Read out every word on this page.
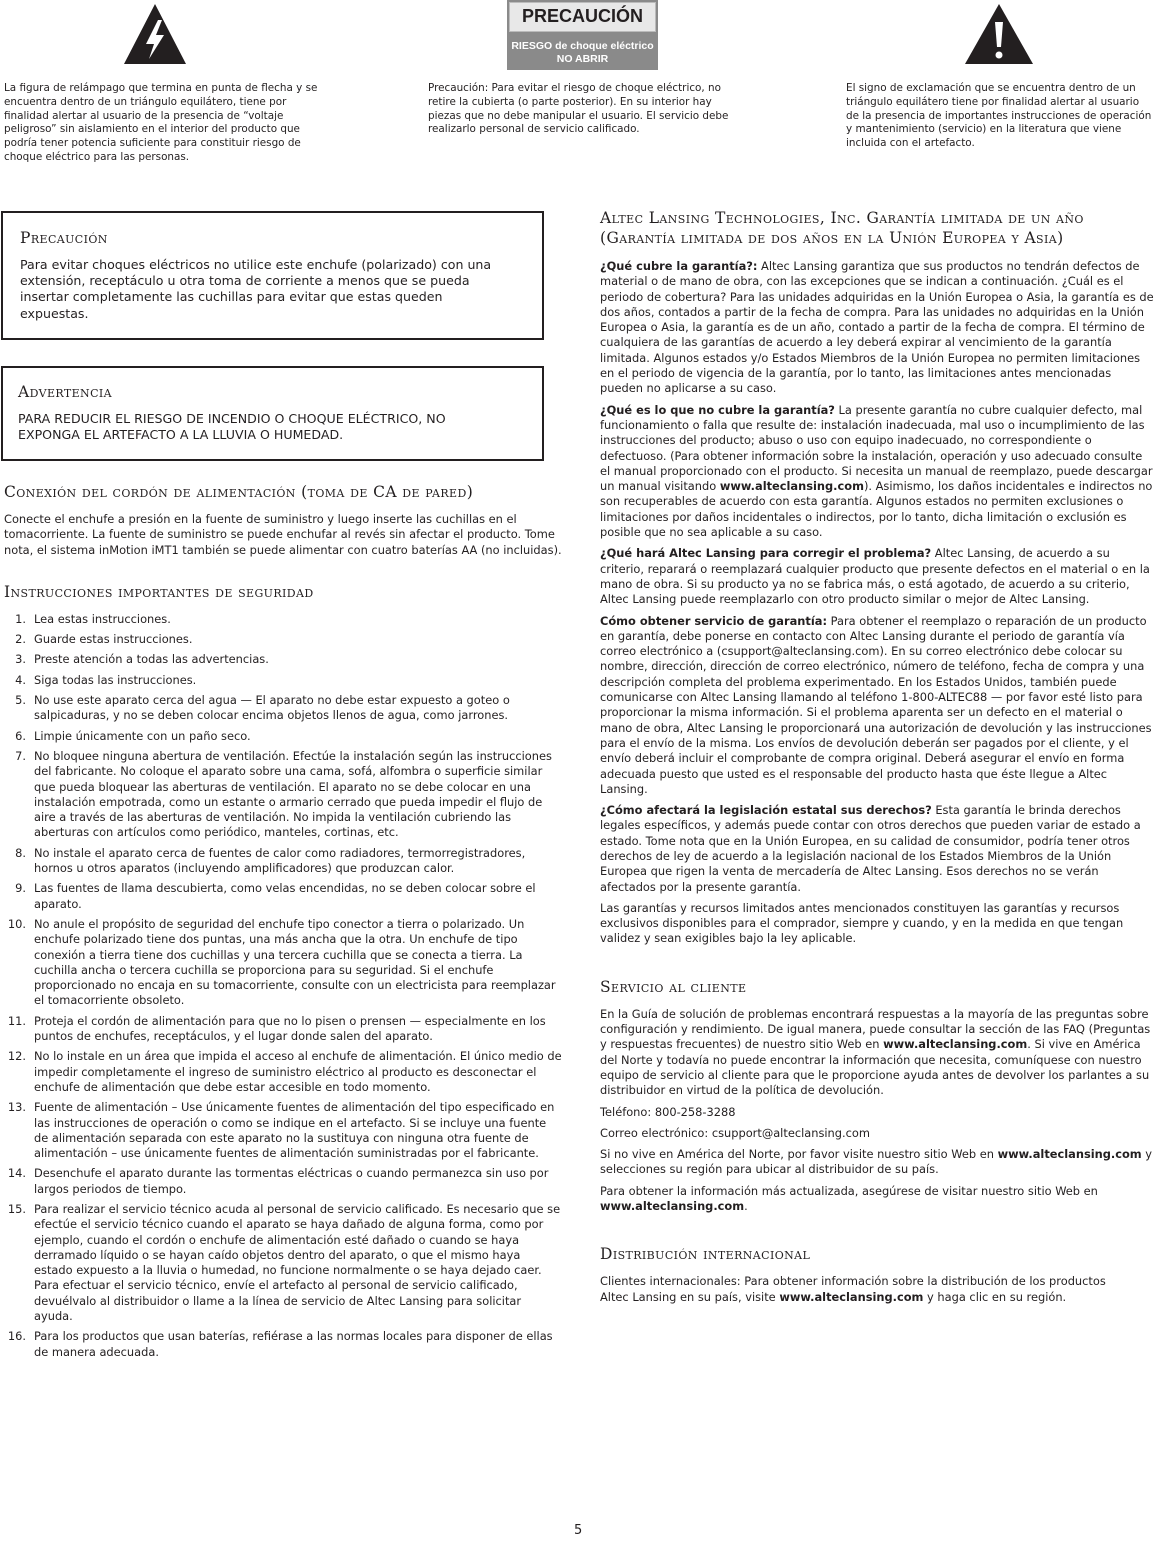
La figura de relámpago que termina en punta de flecha y se encuentra dentro de un triángulo equilátero, tiene por finalidad alertar al usuario de la presencia de “voltaje peligroso” sin aislamiento en el interior del producto que podría tener potencia suficiente para constituir riesgo de choque eléctrico para las personas.
PRECAUCIÓN
RIESGO de choque eléctrico
NO ABRIR
Precaución: Para evitar el riesgo de choque eléctrico, no retire la cubierta (o parte posterior). En su interior hay piezas que no debe manipular el usuario. El servicio debe realizarlo personal de servicio calificado.
El signo de exclamación que se encuentra dentro de un triángulo equilátero tiene por finalidad alertar al usuario de la presencia de importantes instrucciones de operación y mantenimiento (servicio) en la literatura que viene incluida con el artefacto.
Precaución

Para evitar choques eléctricos no utilice este enchufe (polarizado) con una extensión, receptáculo u otra toma de corriente a menos que se pueda insertar completamente las cuchillas para evitar que estas queden expuestas.

Advertencia

PARA REDUCIR EL RIESGO DE INCENDIO O CHOQUE ELÉCTRICO, NO EXPONGA EL ARTEFACTO A LA LLUVIA O HUMEDAD.

Conexión del cordón de alimentación (toma de CA de pared)

Conecte el enchufe a presión en la fuente de suministro y luego inserte las cuchillas en el tomacorriente. La fuente de suministro se puede enchufar al revés sin afectar el producto. Tome nota, el sistema inMotion iMT1 también se puede alimentar con cuatro baterías AA (no incluidas).

Instrucciones importantes de seguridad
1. Lea estas instrucciones.
2. Guarde estas instrucciones.
3. Preste atención a todas las advertencias.
4. Siga todas las instrucciones.
5. No use este aparato cerca del agua — El aparato no debe estar expuesto a goteo o salpicaduras, y no se deben colocar encima objetos llenos de agua, como jarrones.
6. Limpie únicamente con un paño seco.
7. No bloquee ninguna abertura de ventilación. Efectúe la instalación según las instrucciones del fabricante. No coloque el aparato sobre una cama, sofá, alfombra o superficie similar que pueda bloquear las aberturas de ventilación. El aparato no se debe colocar en una instalación empotrada, como un estante o armario cerrado que pueda impedir el flujo de aire a través de las aberturas de ventilación. No impida la ventilación cubriendo las aberturas con artículos como periódico, manteles, cortinas, etc.
8. No instale el aparato cerca de fuentes de calor como radiadores, termorregistradores, hornos u otros aparatos (incluyendo amplificadores) que produzcan calor.
9. Las fuentes de llama descubierta, como velas encendidas, no se deben colocar sobre el aparato.
10. No anule el propósito de seguridad del enchufe tipo conector a tierra o polarizado. Un enchufe polarizado tiene dos puntas, una más ancha que la otra. Un enchufe de tipo conexión a tierra tiene dos cuchillas y una tercera cuchilla que se conecta a tierra. La cuchilla ancha o tercera cuchilla se proporciona para su seguridad. Si el enchufe proporcionado no encaja en su tomacorriente, consulte con un electricista para reemplazar el tomacorriente obsoleto.
11. Proteja el cordón de alimentación para que no lo pisen o prensen — especialmente en los puntos de enchufes, receptáculos, y el lugar donde salen del aparato.
12. No lo instale en un área que impida el acceso al enchufe de alimentación. El único medio de impedir completamente el ingreso de suministro eléctrico al producto es desconectar el enchufe de alimentación que debe estar accesible en todo momento.
13. Fuente de alimentación – Use únicamente fuentes de alimentación del tipo especificado en las instrucciones de operación o como se indique en el artefacto. Si se incluye una fuente de alimentación separada con este aparato no la sustituya con ninguna otra fuente de alimentación – use únicamente fuentes de alimentación suministradas por el fabricante.
14. Desenchufe el aparato durante las tormentas eléctricas o cuando permanezca sin uso por largos periodos de tiempo.
15. Para realizar el servicio técnico acuda al personal de servicio calificado. Es necesario que se efectúe el servicio técnico cuando el aparato se haya dañado de alguna forma, como por ejemplo, cuando el cordón o enchufe de alimentación esté dañado o cuando se haya derramado líquido o se hayan caído objetos dentro del aparato, o que el mismo haya estado expuesto a la lluvia o humedad, no funcione normalmente o se haya dejado caer. Para efectuar el servicio técnico, envíe el artefacto al personal de servicio calificado, devuélvalo al distribuidor o llame a la línea de servicio de Altec Lansing para solicitar ayuda.
16. Para los productos que usan baterías, refiérase a las normas locales para disponer de ellas de manera adecuada.
Altec Lansing Technologies, Inc. Garantía limitada de un año (Garantía limitada de dos años en la Unión Europea y Asia)

¿Qué cubre la garantía?: Altec Lansing garantiza que sus productos no tendrán defectos de material o de mano de obra, con las excepciones que se indican a continuación. ¿Cuál es el periodo de cobertura? Para las unidades adquiridas en la Unión Europea o Asia, la garantía es de dos años, contados a partir de la fecha de compra. Para las unidades no adquiridas en la Unión Europea o Asia, la garantía es de un año, contado a partir de la fecha de compra. El término de cualquiera de las garantías de acuerdo a ley deberá expirar al vencimiento de la garantía limitada. Algunos estados y/o Estados Miembros de la Unión Europea no permiten limitaciones en el periodo de vigencia de la garantía, por lo tanto, las limitaciones antes mencionadas pueden no aplicarse a su caso.

¿Qué es lo que no cubre la garantía? La presente garantía no cubre cualquier defecto, mal funcionamiento o falla que resulte de: instalación inadecuada, mal uso o incumplimiento de las instrucciones del producto; abuso o uso con equipo inadecuado, no correspondiente o defectuoso. (Para obtener información sobre la instalación, operación y uso adecuado consulte el manual proporcionado con el producto. Si necesita un manual de reemplazo, puede descargar un manual visitando www.alteclansing.com). Asimismo, los daños incidentales e indirectos no son recuperables de acuerdo con esta garantía. Algunos estados no permiten exclusiones o limitaciones por daños incidentales o indirectos, por lo tanto, dicha limitación o exclusión es posible que no sea aplicable a su caso.

¿Qué hará Altec Lansing para corregir el problema? Altec Lansing, de acuerdo a su criterio, reparará o reemplazará cualquier producto que presente defectos en el material o en la mano de obra. Si su producto ya no se fabrica más, o está agotado, de acuerdo a su criterio, Altec Lansing puede reemplazarlo con otro producto similar o mejor de Altec Lansing.

Cómo obtener servicio de garantía: Para obtener el reemplazo o reparación de un producto en garantía, debe ponerse en contacto con Altec Lansing durante el periodo de garantía vía correo electrónico a (csupport@alteclansing.com). En su correo electrónico debe colocar su nombre, dirección, dirección de correo electrónico, número de teléfono, fecha de compra y una descripción completa del problema experimentado. En los Estados Unidos, también puede comunicarse con Altec Lansing llamando al teléfono 1-800-ALTEC88 — por favor esté listo para proporcionar la misma información. Si el problema aparenta ser un defecto en el material o mano de obra, Altec Lansing le proporcionará una autorización de devolución y las instrucciones para el envío de la misma. Los envíos de devolución deberán ser pagados por el cliente, y el envío deberá incluir el comprobante de compra original. Deberá asegurar el envío en forma adecuada puesto que usted es el responsable del producto hasta que éste llegue a Altec Lansing.

¿Cómo afectará la legislación estatal sus derechos? Esta garantía le brinda derechos legales específicos, y además puede contar con otros derechos que pueden variar de estado a estado. Tome nota que en la Unión Europea, en su calidad de consumidor, podría tener otros derechos de ley de acuerdo a la legislación nacional de los Estados Miembros de la Unión Europea que rigen la venta de mercadería de Altec Lansing. Esos derechos no se verán afectados por la presente garantía.

Las garantías y recursos limitados antes mencionados constituyen las garantías y recursos exclusivos disponibles para el comprador, siempre y cuando, y en la medida en que tengan validez y sean exigibles bajo la ley aplicable.

Servicio al cliente

En la Guía de solución de problemas encontrará respuestas a la mayoría de las preguntas sobre configuración y rendimiento. De igual manera, puede consultar la sección de las FAQ (Preguntas y respuestas frecuentes) de nuestro sitio Web en www.alteclansing.com. Si vive en América del Norte y todavía no puede encontrar la información que necesita, comuníquese con nuestro equipo de servicio al cliente para que le proporcione ayuda antes de devolver los parlantes a su distribuidor en virtud de la política de devolución.

Teléfono: 800-258-3288

Correo electrónico: csupport@alteclansing.com

Si no vive en América del Norte, por favor visite nuestro sitio Web en www.alteclansing.com y selecciones su región para ubicar al distribuidor de su país.

Para obtener la información más actualizada, asegúrese de visitar nuestro sitio Web en www.alteclansing.com.

Distribución internacional

Clientes internacionales: Para obtener información sobre la distribución de los productos Altec Lansing en su país, visite www.alteclansing.com y haga clic en su región.

5
